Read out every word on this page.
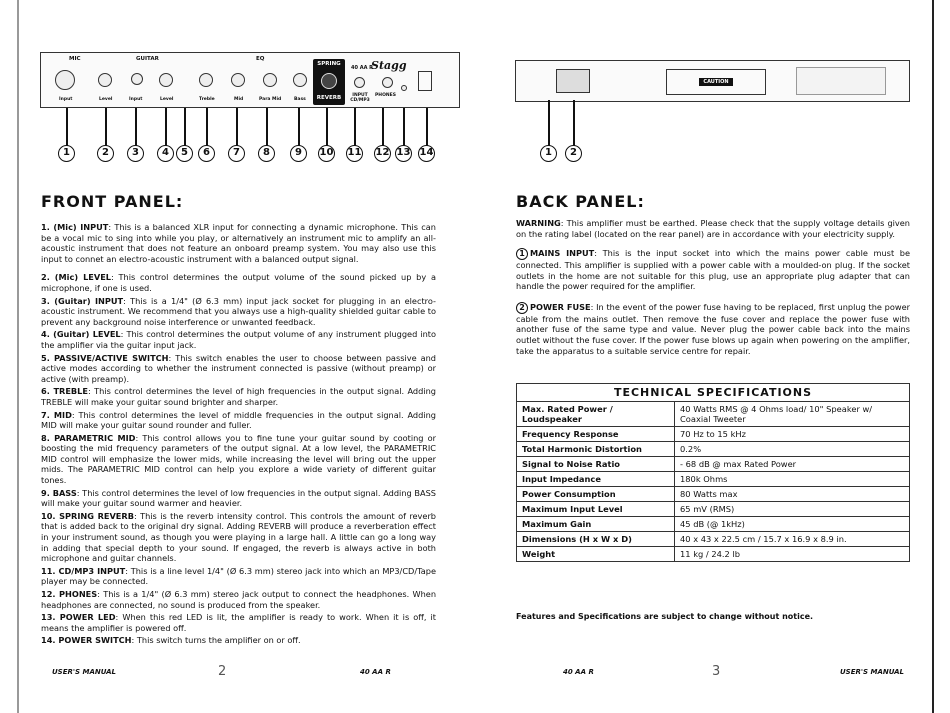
MIC	GUITAR	EQ
SPRING
REVERB
40 AA R
Stagg
Input	Level	Input	Level	Treble	Mid	Para Mid	Bass
INPUT CD/MP3
PHONES
1	2	3	4	5	6	7	8	9	10 11 12 13 14
CAUTION
1	2
FRONT PANEL:
1. (Mic) INPUT: This is a balanced XLR input for connecting a dynamic microphone. This can be a vocal mic to sing into while you play, or alternatively an instrument mic to amplify an all-acoustic instrument that does not feature an onboard preamp system. You may also use this input to connet an electro-acoustic instrument with a balanced output signal.
2. (Mic) LEVEL: This control determines the output volume of the sound picked up by a microphone, if one is used.
3. (Guitar) INPUT: This is a 1/4" (Ø 6.3 mm) input jack socket for plugging in an electro-acoustic instrument. We recommend that you always use a high-quality shielded guitar cable to prevent any background noise interference or unwanted feedback.
4. (Guitar) LEVEL: This control determines the output volume of any instrument plugged into the amplifier via the guitar input jack.
5. PASSIVE/ACTIVE SWITCH: This switch enables the user to choose between passive and active modes according to whether the instrument connected is passive (without preamp) or active (with preamp).
6. TREBLE: This control determines the level of high frequencies in the output signal. Adding TREBLE will make your guitar sound brighter and sharper.
7. MID: This control determines the level of middle frequencies in the output signal. Adding MID will make your guitar sound rounder and fuller.
8. PARAMETRIC MID: This control allows you to fine tune your guitar sound by cooting or boosting the mid frequency parameters of the output signal. At a low level, the PARAMETRIC MID control will emphasize the lower mids, while increasing the level will bring out the upper mids. The PARAMETRIC MID control can help you explore a wide variety of different guitar tones.
9. BASS: This control determines the level of low frequencies in the output signal. Adding BASS will make your guitar sound warmer and heavier.
10. SPRING REVERB: This is the reverb intensity control. This controls the amount of reverb that is added back to the original dry signal. Adding REVERB will produce a reverberation effect in your instrument sound, as though you were playing in a large hall. A little can go a long way in adding that special depth to your sound. If engaged, the reverb is always active in both microphone and guitar channels.
11. CD/MP3 INPUT: This is a line level 1/4" (Ø 6.3 mm) stereo jack into which an MP3/CD/Tape player may be connected.
12. PHONES: This is a 1/4" (Ø 6.3 mm) stereo jack output to connect the headphones. When headphones are connected, no sound is produced from the speaker.
13. POWER LED: When this red LED is lit, the amplifier is ready to work. When it is off, it means the amplifier is powered off.
14. POWER SWITCH: This switch turns the amplifier on or off.
BACK PANEL:
WARNING: This amplifier must be earthed. Please check that the supply voltage details given on the rating label (located on the rear panel) are in accordance with your electricity supply.
1 MAINS INPUT: This is the input socket into which the mains power cable must be connected. This amplifier is supplied with a power cable with a moulded-on plug. If the socket outlets in the home are not suitable for this plug, use an appropriate plug adapter that can handle the power required for the amplifier.
2 POWER FUSE: In the event of the power fuse having to be replaced, first unplug the power cable from the mains outlet. Then remove the fuse cover and replace the power fuse with another fuse of the same type and value. Never plug the power cable back into the mains outlet without the fuse cover. If the power fuse blows up again when powering on the amplifier, take the apparatus to a suitable service centre for repair.
TECHNICAL SPECIFICATIONS	
Max. Rated Power / Loudspeaker	40 Watts RMS @ 4 Ohms load/ 10" Speaker w/ Coaxial Tweeter
Frequency Response	70 Hz to 15 kHz
Total Harmonic Distortion	0.2%
Signal to Noise Ratio	- 68 dB @ max Rated Power
Input Impedance	180k Ohms
Power Consumption	80 Watts max
Maximum Input Level	65 mV (RMS)
Maximum Gain	45 dB (@ 1kHz)
Dimensions (H x W x D)	40 x 43 x 22.5 cm / 15.7 x 16.9 x 8.9 in.
Weight	11 kg / 24.2 lb
Features and Specifications are subject to change without notice.
USER'S MANUAL	2	40 AA R	40 AA R	3	USER'S MANUAL
